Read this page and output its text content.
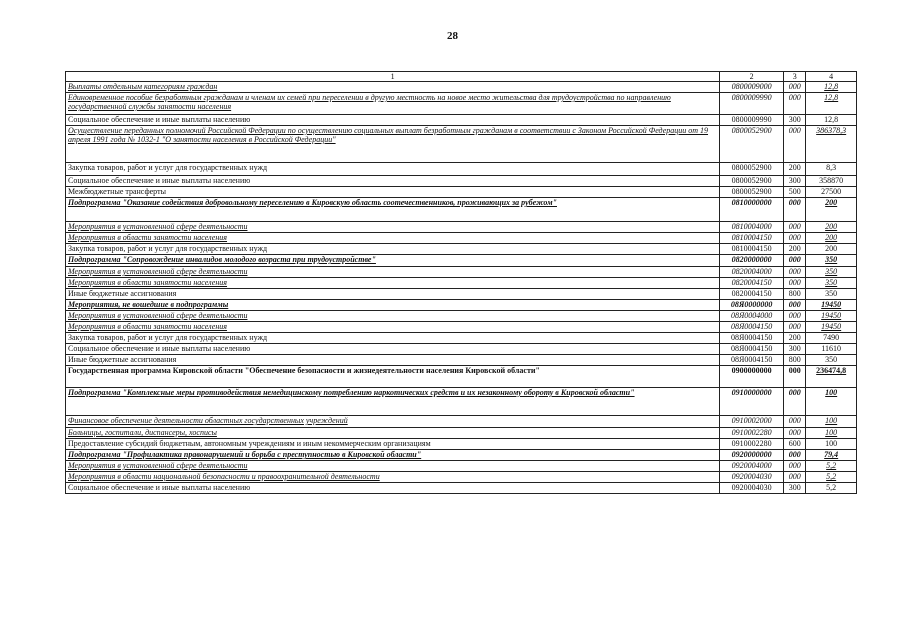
28
1	2	3	4
Выплаты отдельным категориям граждан	0800009000	000	12,8
Единовременное пособие безработным гражданам и членам их семей при переселении в другую местность на новое место жительства для трудоустройства по направлению государственной службы занятости населения	0800009990	000	12,8
Социальное обеспечение и иные выплаты населению	0800009990	300	12,8
Осуществление переданных полномочий Российской Федерации по осуществлению социальных выплат безработным гражданам в соответствии с Законом Российской Федерации от 19 апреля 1991 года № 1032-1 "О занятости населения в Российской Федерации"	0800052900	000	386378,3
Закупка товаров, работ и услуг для государственных нужд	0800052900	200	8,3
Социальное обеспечение и иные выплаты населению	0800052900	300	358870
Межбюджетные трансферты	0800052900	500	27500
Подпрограмма "Оказание содействия добровольному переселению в Кировскую область соотечественников, проживающих за рубежом"	0810000000	000	200
Мероприятия в установленной сфере деятельности	0810004000	000	200
Мероприятия в области занятости населения	0810004150	000	200
Закупка товаров, работ и услуг для государственных нужд	0810004150	200	200
Подпрограмма "Сопровождение инвалидов молодого возраста при трудоустройстве"	0820000000	000	350
Мероприятия в установленной сфере деятельности	0820004000	000	350
Мероприятия в области занятости населения	0820004150	000	350
Иные бюджетные ассигнования	0820004150	800	350
Мероприятия, не вошедшие в подпрограммы	08Я0000000	000	19450
Мероприятия в установленной сфере деятельности	08Я0004000	000	19450
Мероприятия в области занятости населения	08Я0004150	000	19450
Закупка товаров, работ и услуг для государственных нужд	08Я0004150	200	7490
Социальное обеспечение и иные выплаты населению	08Я0004150	300	11610
Иные бюджетные ассигнования	08Я0004150	800	350
Государственная программа Кировской области "Обеспечение безопасности и жизнедеятельности населения Кировской области"	0900000000	000	236474,8
Подпрограмма "Комплексные меры противодействия немедицинскому потреблению наркотических средств и их незаконному обороту в Кировской области"	0910000000	000	100
Финансовое обеспечение деятельности областных государственных учреждений	0910002000	000	100
Больницы, госпитали, диспансеры, хосписы	0910002280	000	100
Предоставление субсидий бюджетным, автономным учреждениям и иным некоммерческим организациям	0910002280	600	100
Подпрограмма "Профилактика правонарушений и борьба с преступностью в Кировской области"	0920000000	000	79,4
Мероприятия в установленной сфере деятельности	0920004000	000	5,2
Мероприятия в области национальной безопасности и правоохранительной деятельности	0920004030	000	5,2
Социальное обеспечение и иные выплаты населению	0920004030	300	5,2
